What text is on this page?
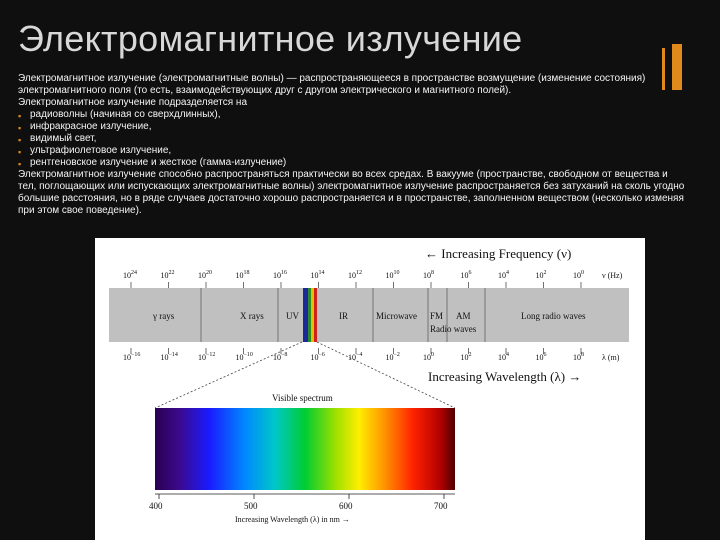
Электромагнитное излучение

Электромагнитное излучение (электромагнитные волны) — распространяющееся в пространстве возмущение (изменение состояния) электромагнитного поля (то есть, взаимодействующих друг с другом электрического и магнитного полей).

Электромагнитное излучение подразделяется на

▪ радиоволны (начиная со сверхдлинных),
▪ инфракрасное излучение,
▪ видимый свет,
▪ ультрафиолетовое излучение,
▪ рентгеновское излучение и жесткое (гамма-излучение)

Электромагнитное излучение способно распространяться практически во всех средах. В вакууме (пространстве, свободном от вещества и тел, поглощающих или испускающих электромагнитные волны) электромагнитное излучение распространяется без затуханий на сколь угодно большие расстояния, но в ряде случаев достаточно хорошо распространяется и в пространстве, заполненном веществом (несколько изменяя при этом свое поведение).

← Increasing Frequency (ν)
$10^{24}$	$10^{22}$	$10^{20}$	$10^{18}$	$10^{16}$	$10^{14}$	$10^{12}$	$10^{10}$	$10^8$	$10^6$	$10^4$	$10^2$	$10^0$ ν (Hz)
γ rays	X rays UV	IR	Microwave FM AM	Long radio waves
Radio waves
$10^{-16}$	$10^{-14}$	$10^{-12}$	$10^{-10}$	$10^{-8}$	$10^{-6}$	$10^{-4}$	$10^{-2}$	$10^0$	$10^2$	$10^4$	$10^6$	$10^8$ λ (m)
Increasing Wavelength (λ) →
Visible spectrum
400	500	600	700
Increasing Wavelength (λ) in nm →
